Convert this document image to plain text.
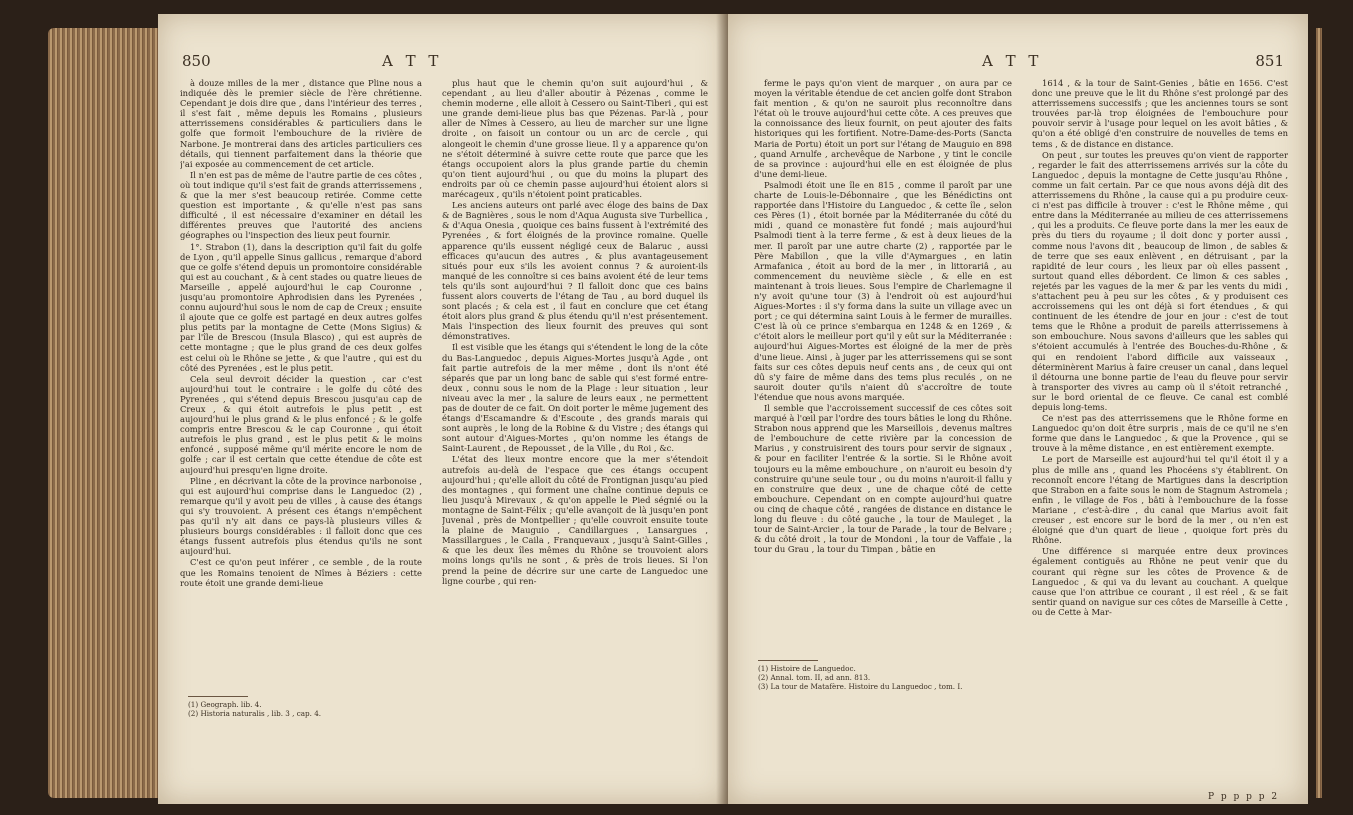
850	A T T

à douze milles de la mer , distance que Pline nous a indiquée dès le premier siècle de l'ère chrétienne. Cependant je dois dire que , dans l'intérieur des terres , il s'est fait , même depuis les Romains , plusieurs atterrissemens considérables & particuliers dans le golfe que formoit l'embouchure de la rivière de Narbone. Je montrerai dans des articles particuliers ces détails, qui tiennent parfaitement dans la théorie que j'ai exposée au commencement de cet article.

Il n'en est pas de même de l'autre partie de ces côtes , où tout indique qu'il s'est fait de grands atterrissemens , & que la mer s'est beaucoup retirée. Comme cette question est importante , & qu'elle n'est pas sans difficulté , il est nécessaire d'examiner en détail les différentes preuves que l'autorité des anciens géographes ou l'inspection des lieux peut fournir.

1°. Strabon (1), dans la description qu'il fait du golfe de Lyon , qu'il appelle Sinus gallicus , remarque d'abord que ce golfe s'étend depuis un promontoire considérable qui est au couchant , & à cent stades ou quatre lieues de Marseille , appelé aujourd'hui le cap Couronne , jusqu'au promontoire Aphrodisien dans les Pyrenées , connu aujourd'hui sous le nom de cap de Creux ; ensuite il ajoute que ce golfe est partagé en deux autres golfes plus petits par la montagne de Cette (Mons Sigius) & par l'île de Brescou (Insula Blasco) , qui est auprès de cette montagne ; que le plus grand de ces deux golfes est celui où le Rhône se jette , & que l'autre , qui est du côté des Pyrenées , est le plus petit.

Cela seul devroit décider la question , car c'est aujourd'hui tout le contraire : le golfe du côté des Pyrenées , qui s'étend depuis Brescou jusqu'au cap de Creux , & qui étoit autrefois le plus petit , est aujourd'hui le plus grand & le plus enfoncé ; & le golfe compris entre Brescou & le cap Couronne , qui étoit autrefois le plus grand , est le plus petit & le moins enfoncé , supposé même qu'il mérite encore le nom de golfe ; car il est certain que cette étendue de côte est aujourd'hui presqu'en ligne droite.

Pline , en décrivant la côte de la province narbonoise , qui est aujourd'hui comprise dans le Languedoc (2) , remarque qu'il y avoit peu de villes , à cause des étangs qui s'y trouvoient. A présent ces étangs n'empêchent pas qu'il n'y ait dans ce pays-là plusieurs villes & plusieurs bourgs considérables : il falloit donc que ces étangs fussent autrefois plus étendus qu'ils ne sont aujourd'hui.

C'est ce qu'on peut inférer , ce semble , de la route que les Romains tenoient de Nîmes à Béziers : cette route étoit une grande demi-lieue

plus haut que le chemin qu'on suit aujourd'hui , & cependant , au lieu d'aller aboutir à Pézenas , comme le chemin moderne , elle alloit à Cessero ou Saint-Tiberi , qui est une grande demi-lieue plus bas que Pézenas. Par-là , pour aller de Nîmes à Cessero, au lieu de marcher sur une ligne droite , on faisoit un contour ou un arc de cercle , qui alongeoit le chemin d'une grosse lieue. Il y a apparence qu'on ne s'étoit déterminé à suivre cette route que parce que les étangs occupoient alors la plus grande partie du chemin qu'on tient aujourd'hui , ou que du moins la plupart des endroits par où ce chemin passe aujourd'hui étoient alors si marécageux , qu'ils n'étoient point praticables.

Les anciens auteurs ont parlé avec éloge des bains de Dax & de Bagnières , sous le nom d'Aqua Augusta sive Turbellica , & d'Aqua Onesia , quoique ces bains fussent à l'extrémité des Pyrenées , & fort éloignés de la province romaine. Quelle apparence qu'ils eussent négligé ceux de Balaruc , aussi efficaces qu'aucun des autres , & plus avantageusement situés pour eux s'ils les avoient connus ? & auroient-ils manqué de les connoître si ces bains avoient été de leur tems tels qu'ils sont aujourd'hui ? Il falloit donc que ces bains fussent alors couverts de l'étang de Tau , au bord duquel ils sont placés ; & cela est , il faut en conclure que cet étang étoit alors plus grand & plus étendu qu'il n'est présentement. Mais l'inspection des lieux fournit des preuves qui sont démonstratives.

Il est visible que les étangs qui s'étendent le long de la côte du Bas-Languedoc , depuis Aigues-Mortes jusqu'à Agde , ont fait partie autrefois de la mer même , dont ils n'ont été séparés que par un long banc de sable qui s'est formé entre-deux , connu sous le nom de la Plage : leur situation , leur niveau avec la mer , la salure de leurs eaux , ne permettent pas de douter de ce fait. On doit porter le même jugement des étangs d'Escamandre & d'Escoute , des grands marais qui sont auprès , le long de la Robine & du Vistre ; des étangs qui sont autour d'Aigues-Mortes , qu'on nomme les étangs de Saint-Laurent , de Repousset , de la Ville , du Roi , &c.

L'état des lieux montre encore que la mer s'étendoit autrefois au-delà de l'espace que ces étangs occupent aujourd'hui ; qu'elle alloit du côté de Frontignan jusqu'au pied des montagnes , qui forment une chaîne continue depuis ce lieu jusqu'à Mirevaux , & qu'on appelle le Pied ségnié ou la montagne de Saint-Félix ; qu'elle avançoit de là jusqu'en pont Juvenal , près de Montpellier ; qu'elle couvroit ensuite toute la plaine de Mauguio , Candillargues , Lansargues , Massillargues , le Caila , Franquevaux , jusqu'à Saint-Gilles , & que les deux îles mêmes du Rhône se trouvoient alors moins longs qu'ils ne sont , & près de trois lieues. Si l'on prend la peine de décrire sur une carte de Languedoc une ligne courbe , qui ren-

(1) Geograph. lib. 4.
(2) Historia naturalis , lib. 3 , cap. 4.
A T T	851

ferme le pays qu'on vient de marquer , on aura par ce moyen la véritable étendue de cet ancien golfe dont Strabon fait mention , & qu'on ne sauroit plus reconnoître dans l'état où le trouve aujourd'hui cette côte. A ces preuves que la connoissance des lieux fournit, on peut ajouter des faits historiques qui les fortifient. Notre-Dame-des-Ports (Sancta Maria de Portu) étoit un port sur l'étang de Mauguio en 898 , quand Arnulfe , archevêque de Narbone , y tint le concile de sa province : aujourd'hui elle en est éloignée de plus d'une demi-lieue.

Psalmodi étoit une île en 815 , comme il paroît par une charte de Louis-le-Débonnaire , que les Bénédictins ont rapportée dans l'Histoire du Languedoc , & cette île , selon ces Pères (1) , étoit bornée par la Méditerranée du côté du midi , quand ce monastère fut fondé ; mais aujourd'hui Psalmodi tient à la terre ferme , & est à deux lieues de la mer. Il paroît par une autre charte (2) , rapportée par le Père Mabillon , que la ville d'Aymargues , en latin Armafanica , étoit au bord de la mer , in littorariâ , au commencement du neuvième siècle , & elle en est maintenant à trois lieues. Sous l'empire de Charlemagne il n'y avoit qu'une tour (3) à l'endroit où est aujourd'hui Aigues-Mortes : il s'y forma dans la suite un village avec un port ; ce qui détermina saint Louis à le fermer de murailles. C'est là où ce prince s'embarqua en 1248 & en 1269 , & c'étoit alors le meilleur port qu'il y eût sur la Méditerranée : aujourd'hui Aigues-Mortes est éloigné de la mer de près d'une lieue. Ainsi , à juger par les atterrissemens qui se sont faits sur ces côtes depuis neuf cents ans , de ceux qui ont dû s'y faire de même dans des tems plus reculés , on ne sauroit douter qu'ils n'aient dû s'accroître de toute l'étendue que nous avons marquée.

Il semble que l'accroissement successif de ces côtes soit marqué à l'œil par l'ordre des tours bâties le long du Rhône. Strabon nous apprend que les Marseillois , devenus maîtres de l'embouchure de cette rivière par la concession de Marius , y construisirent des tours pour servir de signaux , & pour en faciliter l'entrée & la sortie. Si le Rhône avoit toujours eu la même embouchure , on n'auroit eu besoin d'y construire qu'une seule tour , ou du moins n'auroit-il fallu y en construire que deux , une de chaque côté de cette embouchure. Cependant on en compte aujourd'hui quatre ou cinq de chaque côté , rangées de distance en distance le long du fleuve : du côté gauche , la tour de Mauleget , la tour de Saint-Arcier , la tour de Parade , la tour de Belvare ; & du côté droit , la tour de Mondoni , la tour de Vaffaie , la tour du Grau , la tour du Timpan , bâtie en

1614 , & la tour de Saint-Genies , bâtie en 1656. C'est donc une preuve que le lit du Rhône s'est prolongé par des atterrissemens successifs ; que les anciennes tours se sont trouvées par-là trop éloignées de l'embouchure pour pouvoir servir à l'usage pour lequel on les avoit bâties , & qu'on a été obligé d'en construire de nouvelles de tems en tems , & de distance en distance.

On peut , sur toutes les preuves qu'on vient de rapporter , regarder le fait des atterrissemens arrivés sur la côte du Languedoc , depuis la montagne de Cette jusqu'au Rhône , comme un fait certain. Par ce que nous avons déjà dit des atterrissemens du Rhône , la cause qui a pu produire ceux-ci n'est pas difficile à trouver : c'est le Rhône même , qui entre dans la Méditerranée au milieu de ces atterrissemens , qui les a produits. Ce fleuve porte dans la mer les eaux de près du tiers du royaume ; il doit donc y porter aussi , comme nous l'avons dit , beaucoup de limon , de sables & de terre que ses eaux enlèvent , en détruisant , par la rapidité de leur cours , les lieux par où elles passent , surtout quand elles débordent. Ce limon & ces sables , rejetés par les vagues de la mer & par les vents du midi , s'attachent peu à peu sur les côtes , & y produisent ces accroissemens qui les ont déjà si fort étendues , & qui continuent de les étendre de jour en jour : c'est de tout tems que le Rhône a produit de pareils atterrissemens à son embouchure. Nous savons d'ailleurs que les sables qui s'étoient accumulés à l'entrée des Bouches-du-Rhône , & qui en rendoient l'abord difficile aux vaisseaux , déterminèrent Marius à faire creuser un canal , dans lequel il détourna une bonne partie de l'eau du fleuve pour servir à transporter des vivres au camp où il s'étoit retranché , sur le bord oriental de ce fleuve. Ce canal est comblé depuis long-tems.

Ce n'est pas des atterrissemens que le Rhône forme en Languedoc qu'on doit être surpris , mais de ce qu'il ne s'en forme que dans le Languedoc , & que la Provence , qui se trouve à la même distance , en est entièrement exempte.

Le port de Marseille est aujourd'hui tel qu'il étoit il y a plus de mille ans , quand les Phocéens s'y établirent. On reconnoît encore l'étang de Martigues dans la description que Strabon en a faite sous le nom de Stagnum Astromela ; enfin , le village de Fos , bâti à l'embouchure de la fosse Mariane , c'est-à-dire , du canal que Marius avoit fait creuser , est encore sur le bord de la mer , ou n'en est éloigné que d'un quart de lieue , quoique fort près du Rhône.

Une différence si marquée entre deux provinces également contiguës au Rhône ne peut venir que du courant qui règne sur les côtes de Provence & de Languedoc , & qui va du levant au couchant. A quelque cause que l'on attribue ce courant , il est réel , & se fait sentir quand on navigue sur ces côtes de Marseille à Cette , ou de Cette à Mar-

(1) Histoire de Languedoc.
(2) Annal. tom. II, ad ann. 813.
(3) La tour de Matafère. Histoire du Languedoc , tom. I.
P p p p p 2
